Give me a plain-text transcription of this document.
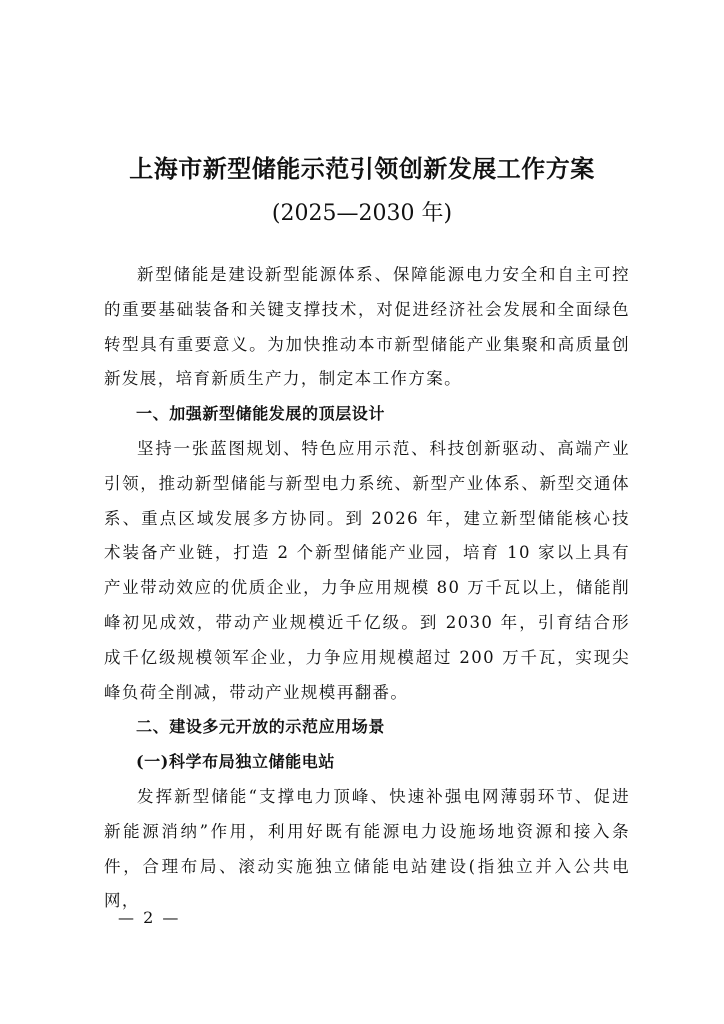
上海市新型储能示范引领创新发展工作方案
(2025—2030 年)

新型储能是建设新型能源体系、保障能源电力安全和自主可控的重要基础装备和关键支撑技术，对促进经济社会发展和全面绿色转型具有重要意义。为加快推动本市新型储能产业集聚和高质量创新发展，培育新质生产力，制定本工作方案。

一、加强新型储能发展的顶层设计

坚持一张蓝图规划、特色应用示范、科技创新驱动、高端产业引领，推动新型储能与新型电力系统、新型产业体系、新型交通体系、重点区域发展多方协同。到 2026 年，建立新型储能核心技术装备产业链，打造 2 个新型储能产业园，培育 10 家以上具有产业带动效应的优质企业，力争应用规模 80 万千瓦以上，储能削峰初见成效，带动产业规模近千亿级。到 2030 年，引育结合形成千亿级规模领军企业，力争应用规模超过 200 万千瓦，实现尖峰负荷全削减，带动产业规模再翻番。

二、建设多元开放的示范应用场景
(一)科学布局独立储能电站

发挥新型储能“支撑电力顶峰、快速补强电网薄弱环节、促进新能源消纳”作用，利用好既有能源电力设施场地资源和接入条件，合理布局、滚动实施独立储能电站建设(指独立并入公共电网，

— 2 —
